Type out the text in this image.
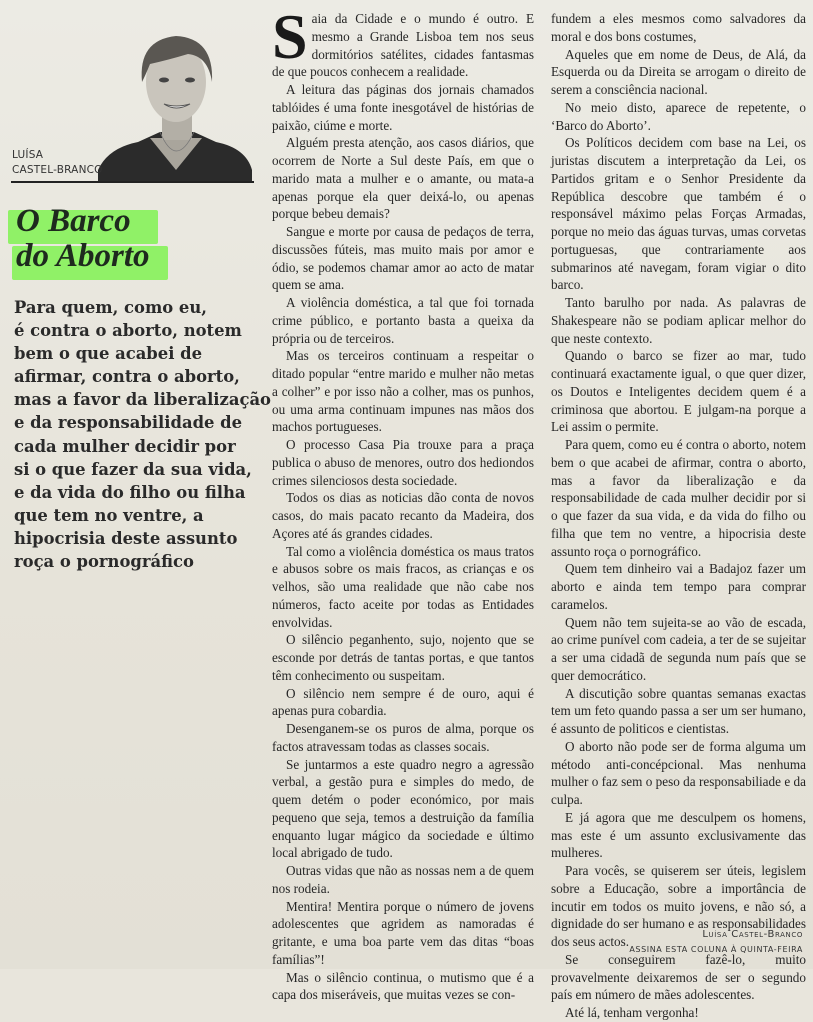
LUÍSA
CASTEL-BRANCO
O Barco
do Aborto
Para quem, como eu,
é contra o aborto, notem
bem o que acabei de
afirmar, contra o aborto,
mas a favor da liberalização
e da responsabilidade de
cada mulher decidir por
si o que fazer da sua vida,
e da vida do filho ou filha
que tem no ventre, a
hipocrisia deste assunto
roça o pornográfico

Saia da Cidade e o mundo é outro. E mesmo a Grande Lisboa tem nos seus dormitórios satélites, cidades fantasmas de que poucos conhecem a realidade.

A leitura das páginas dos jornais chamados tablóides é uma fonte inesgotável de histórias de paixão, ciúme e morte.

Alguém presta atenção, aos casos diários, que ocorrem de Norte a Sul deste País, em que o marido mata a mulher e o amante, ou mata-a apenas porque ela quer deixá-lo, ou apenas porque bebeu demais?

Sangue e morte por causa de pedaços de terra, discussões fúteis, mas muito mais por amor e ódio, se podemos chamar amor ao acto de matar quem se ama.

A violência doméstica, a tal que foi tornada crime público, e portanto basta a queixa da própria ou de terceiros.

Mas os terceiros continuam a respeitar o ditado popular “entre marido e mulher não metas a colher” e por isso não a colher, mas os punhos, ou uma arma continuam impunes nas mãos dos machos portugueses.

O processo Casa Pia trouxe para a praça publica o abuso de menores, outro dos hediondos crimes silenciosos desta sociedade.

Todos os dias as noticias dão conta de novos casos, do mais pacato recanto da Madeira, dos Açores até ás grandes cidades.

Tal como a violência doméstica os maus tratos e abusos sobre os mais fracos, as crianças e os velhos, são uma realidade que não cabe nos números, facto aceite por todas as Entidades envolvidas.

O silêncio peganhento, sujo, nojento que se esconde por detrás de tantas portas, e que tantos têm conhecimento ou suspeitam.

O silêncio nem sempre é de ouro, aqui é apenas pura cobardia.

Desenganem-se os puros de alma, porque os factos atravessam todas as classes socais.

Se juntarmos a este quadro negro a agressão verbal, a gestão pura e simples do medo, de quem detém o poder económico, por mais pequeno que seja, temos a destruição da família enquanto lugar mágico da sociedade e último local abrigado de tudo.

Outras vidas que não as nossas nem a de quem nos rodeia.

Mentira! Mentira porque o número de jovens adolescentes que agridem as namoradas é gritante, e uma boa parte vem das ditas “boas famílias”!

Mas o silêncio continua, o mutismo que é a capa dos miseráveis, que muitas vezes se con-

fundem a eles mesmos como salvadores da moral e dos bons costumes,

Aqueles que em nome de Deus, de Alá, da Esquerda ou da Direita se arrogam o direito de serem a consciência nacional.

No meio disto, aparece de repetente, o ‘Barco do Aborto’.

Os Políticos decidem com base na Lei, os juristas discutem a interpretação da Lei, os Partidos gritam e o Senhor Presidente da República descobre que também é o responsável máximo pelas Forças Armadas, porque no meio das águas turvas, umas corvetas portuguesas, que contrariamente aos submarinos até navegam, foram vigiar o dito barco.

Tanto barulho por nada. As palavras de Shakespeare não se podiam aplicar melhor do que neste contexto.

Quando o barco se fizer ao mar, tudo continuará exactamente igual, o que quer dizer, os Doutos e Inteligentes decidem quem é a criminosa que abortou. E julgam-na porque a Lei assim o permite.

Para quem, como eu é contra o aborto, notem bem o que acabei de afirmar, contra o aborto, mas a favor da liberalização e da responsabilidade de cada mulher decidir por si o que fazer da sua vida, e da vida do filho ou filha que tem no ventre, a hipocrisia deste assunto roça o pornográfico.

Quem tem dinheiro vai a Badajoz fazer um aborto e ainda tem tempo para comprar caramelos.

Quem não tem sujeita-se ao vão de escada, ao crime punível com cadeia, a ter de se sujeitar a ser uma cidadã de segunda num país que se quer democrático.

A discutição sobre quantas semanas exactas tem um feto quando passa a ser um ser humano, é assunto de politicos e cientistas.

O aborto não pode ser de forma alguma um método anti-concépcional. Mas nenhuma mulher o faz sem o peso da responsabiliade e da culpa.

E já agora que me desculpem os homens, mas este é um assunto exclusivamente das mulheres.

Para vocês, se quiserem ser úteis, legislem sobre a Educação, sobre a importância de incutir em todos os muito jovens, e não só, a dignidade do ser humano e as responsabilidades dos seus actos.

Se conseguirem fazê-lo, muito provavelmente deixaremos de ser o segundo país em número de mães adolescentes.

Até lá, tenham vergonha!

Luísa Castel-Branco
ASSINA ESTA COLUNA À QUINTA-FEIRA
